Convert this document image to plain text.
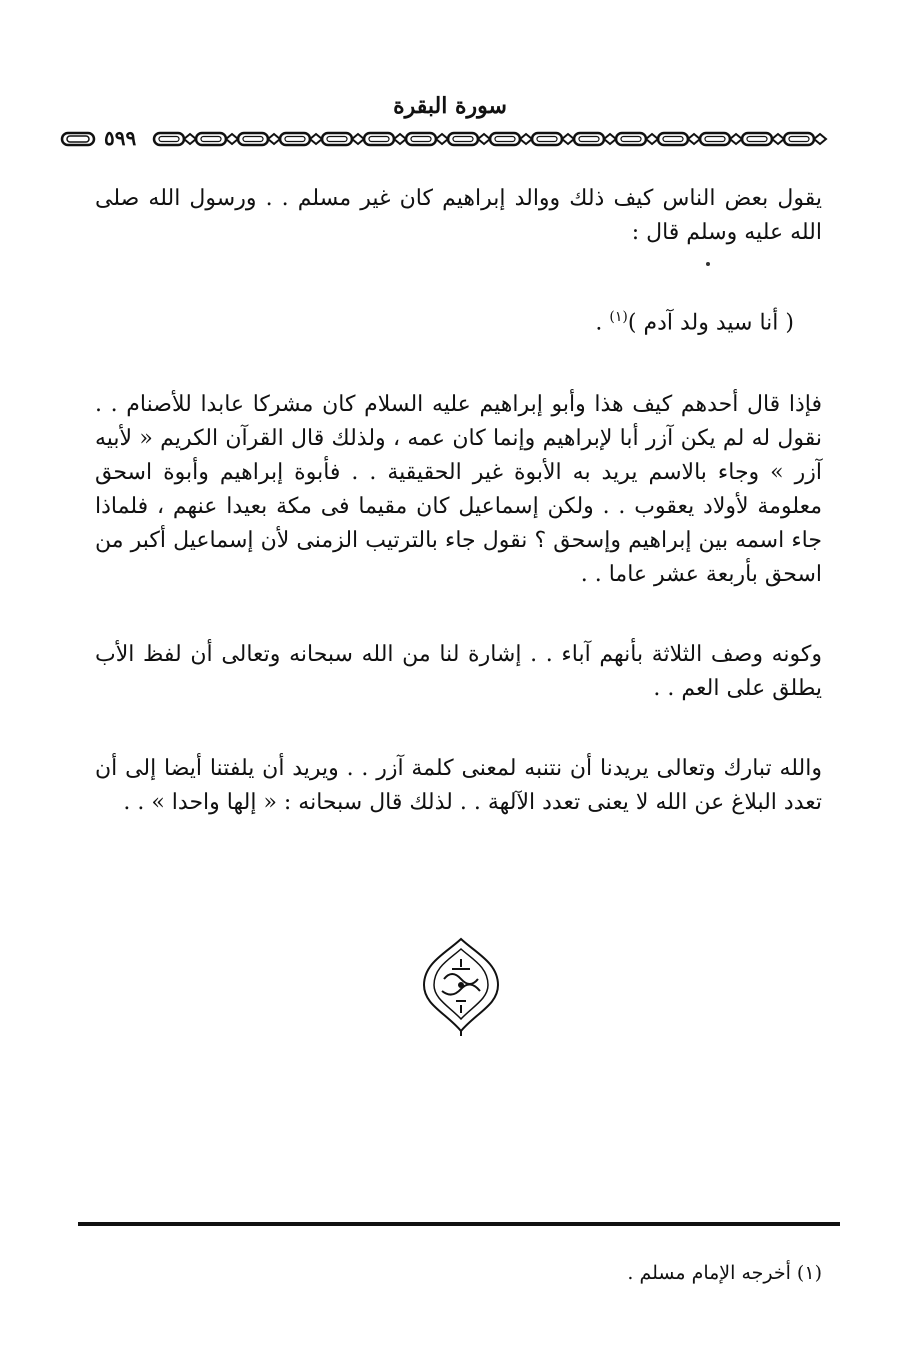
سورة البقرة
٥٩٩

يقول بعض الناس كيف ذلك ووالد إبراهيم كان غير مسلم . . ورسول الله صلى الله عليه وسلم قال :

( أنا سيد ولد آدم )$^{(١)}$ .

فإذا قال أحدهم كيف هذا وأبو إبراهيم عليه السلام كان مشركا عابدا للأصنام . . نقول له لم يكن آزر أبا لإبراهيم وإنما كان عمه ، ولذلك قال القرآن الكريم « لأبيه آزر » وجاء بالاسم يريد به الأبوة غير الحقيقية . . فأبوة إبراهيم وأبوة اسحق معلومة لأولاد يعقوب . . ولكن إسماعيل كان مقيما فى مكة بعيدا عنهم ، فلماذا جاء اسمه بين إبراهيم وإسحق ؟ نقول جاء بالترتيب الزمنى لأن إسماعيل أكبر من اسحق بأربعة عشر عاما . .

وكونه وصف الثلاثة بأنهم آباء . . إشارة لنا من الله سبحانه وتعالى أن لفظ الأب يطلق على العم . .

والله تبارك وتعالى يريدنا أن نتنبه لمعنى كلمة آزر . . ويريد أن يلفتنا أيضا إلى أن تعدد البلاغ عن الله لا يعنى تعدد الآلهة . . لذلك قال سبحانه : « إلها واحدا » . .

(١) أخرجه الإمام مسلم .
